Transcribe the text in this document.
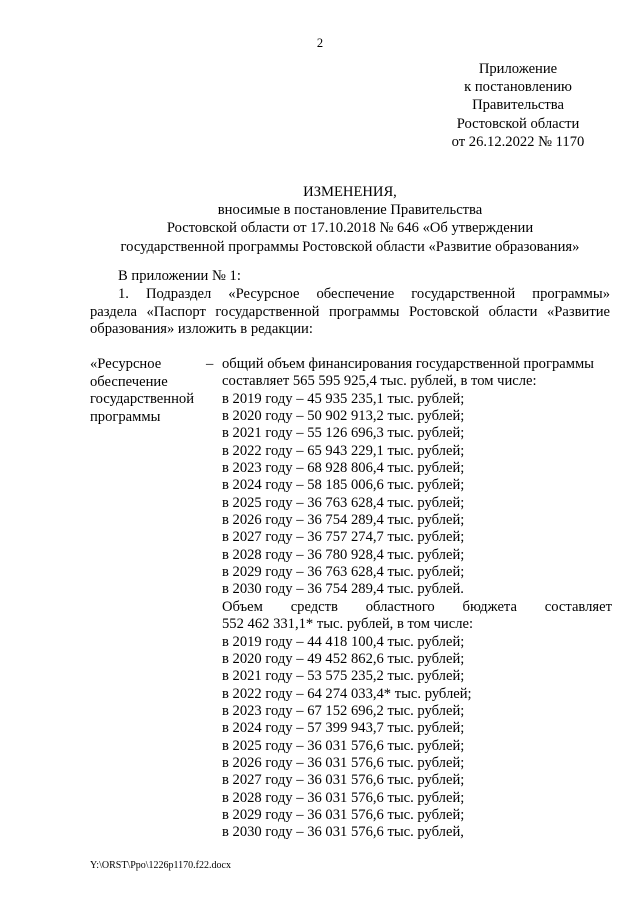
2
Приложение
к постановлению
Правительства
Ростовской области
от 26.12.2022 № 1170
ИЗМЕНЕНИЯ,
вносимые в постановление Правительства
Ростовской области от 17.10.2018 № 646 «Об утверждении
государственной программы Ростовской области «Развитие образования»
В приложении № 1:
1. Подраздел «Ресурсное обеспечение государственной программы»
раздела «Паспорт государственной программы Ростовской области «Развитие
образования» изложить в редакции:
«Ресурсное
обеспечение
государственной
программы
– общий объем финансирования государственной программы
составляет 565 595 925,4 тыс. рублей, в том числе:
в 2019 году – 45 935 235,1 тыс. рублей;
в 2020 году – 50 902 913,2 тыс. рублей;
в 2021 году – 55 126 696,3 тыс. рублей;
в 2022 году – 65 943 229,1 тыс. рублей;
в 2023 году – 68 928 806,4 тыс. рублей;
в 2024 году – 58 185 006,6 тыс. рублей;
в 2025 году – 36 763 628,4 тыс. рублей;
в 2026 году – 36 754 289,4 тыс. рублей;
в 2027 году – 36 757 274,7 тыс. рублей;
в 2028 году – 36 780 928,4 тыс. рублей;
в 2029 году – 36 763 628,4 тыс. рублей;
в 2030 году – 36 754 289,4 тыс. рублей.
Объем средств областного бюджета составляет
552 462 331,1* тыс. рублей, в том числе:
в 2019 году – 44 418 100,4 тыс. рублей;
в 2020 году – 49 452 862,6 тыс. рублей;
в 2021 году – 53 575 235,2 тыс. рублей;
в 2022 году – 64 274 033,4* тыс. рублей;
в 2023 году – 67 152 696,2 тыс. рублей;
в 2024 году – 57 399 943,7 тыс. рублей;
в 2025 году – 36 031 576,6 тыс. рублей;
в 2026 году – 36 031 576,6 тыс. рублей;
в 2027 году – 36 031 576,6 тыс. рублей;
в 2028 году – 36 031 576,6 тыс. рублей;
в 2029 году – 36 031 576,6 тыс. рублей;
в 2030 году – 36 031 576,6 тыс. рублей,
Y:\ORST\Ppo\1226p1170.f22.docx
